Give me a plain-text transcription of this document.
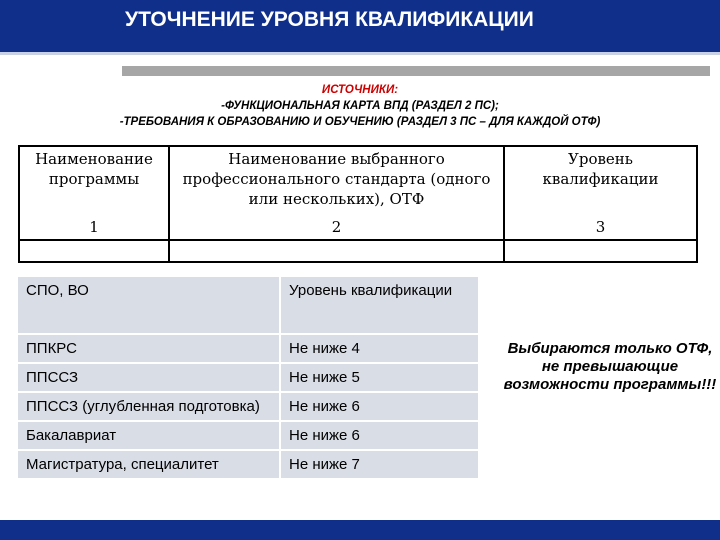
УТОЧНЕНИЕ УРОВНЯ КВАЛИФИКАЦИИ
ИСТОЧНИКИ:
-ФУНКЦИОНАЛЬНАЯ КАРТА ВПД (РАЗДЕЛ 2 ПС);
-ТРЕБОВАНИЯ К ОБРАЗОВАНИЮ И ОБУЧЕНИЮ (РАЗДЕЛ 3 ПС – ДЛЯ КАЖДОЙ ОТФ)
Наименование программы	Наименование выбранного профессионального стандарта (одного или нескольких), ОТФ	Уровень квалификации
1	2	3

СПО, ВО	Уровень квалификации
ППКРС	Не ниже 4
ППССЗ	Не ниже 5
ППССЗ (углубленная подготовка)	Не ниже 6
Бакалавриат	Не ниже 6
Магистратура, специалитет	Не ниже 7
Выбираются только ОТФ, не превышающие возможности программы!!!
